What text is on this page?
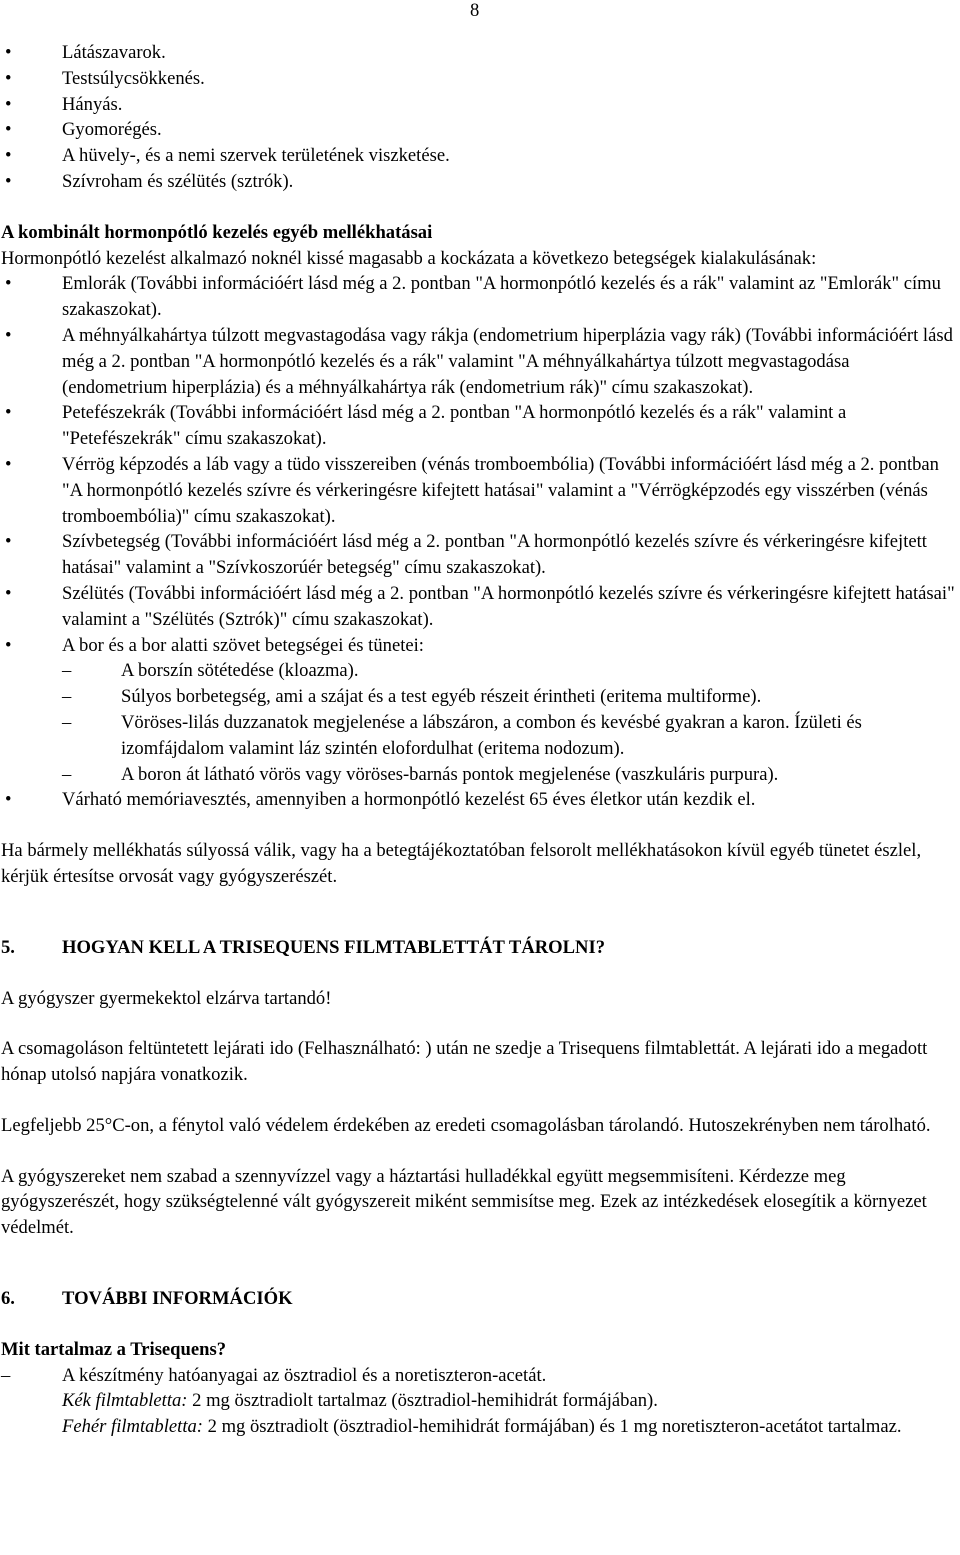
8
• Látászavarok.
• Testsúlycsökkenés.
• Hányás.
• Gyomorégés.
• A hüvely-, és a nemi szervek területének viszketése.
• Szívroham és szélütés (sztrók).

A kombinált hormonpótló kezelés egyéb mellékhatásai

Hormonpótló kezelést alkalmazó noknél kissé magasabb a kockázata a következo betegségek kialakulásának:

• Emlorák (További információért lásd még a 2. pontban "A hormonpótló kezelés és a rák" valamint az "Emlorák" címu szakaszokat).
• A méhnyálkahártya túlzott megvastagodása vagy rákja (endometrium hiperplázia vagy rák) (További információért lásd még a 2. pontban "A hormonpótló kezelés és a rák" valamint "A méhnyálkahártya túlzott megvastagodása (endometrium hiperplázia) és a méhnyálkahártya rák (endometrium rák)" címu szakaszokat).
• Petefészekrák (További információért lásd még a 2. pontban "A hormonpótló kezelés és a rák" valamint a "Petefészekrák" címu szakaszokat).
• Vérrög képzodés a láb vagy a tüdo visszereiben (vénás tromboembólia) (További információért lásd még a 2. pontban "A hormonpótló kezelés szívre és vérkeringésre kifejtett hatásai" valamint a "Vérrögképzodés egy visszérben (vénás tromboembólia)" címu szakaszokat).
• Szívbetegség (További információért lásd még a 2. pontban "A hormonpótló kezelés szívre és vérkeringésre kifejtett hatásai" valamint a "Szívkoszorúér betegség" címu szakaszokat).
• Szélütés (További információért lásd még a 2. pontban "A hormonpótló kezelés szívre és vérkeringésre kifejtett hatásai" valamint a "Szélütés (Sztrók)" címu szakaszokat).
• A bor és a bor alatti szövet betegségei és tünetei:
– A borszín sötétedése (kloazma).
– Súlyos borbetegség, ami a szájat és a test egyéb részeit érintheti (eritema multiforme).
– Vöröses-lilás duzzanatok megjelenése a lábszáron, a combon és kevésbé gyakran a karon. Ízületi és izomfájdalom valamint láz szintén elofordulhat (eritema nodozum).
– A boron át látható vörös vagy vöröses-barnás pontok megjelenése (vaszkuláris purpura).
• Várható memóriavesztés, amennyiben a hormonpótló kezelést 65 éves életkor után kezdik el.

Ha bármely mellékhatás súlyossá válik, vagy ha a betegtájékoztatóban felsorolt mellékhatásokon kívül egyéb tünetet észlel, kérjük értesítse orvosát vagy gyógyszerészét.

5.	HOGYAN KELL A TRISEQUENS FILMTABLETTÁT TÁROLNI?

A gyógyszer gyermekektol elzárva tartandó!

A csomagoláson feltüntetett lejárati ido (Felhasználható: ) után ne szedje a Trisequens filmtablettát. A lejárati ido a megadott hónap utolsó napjára vonatkozik.

Legfeljebb 25°C-on, a fénytol való védelem érdekében az eredeti csomagolásban tárolandó. Hutoszekrényben nem tárolható.

A gyógyszereket nem szabad a szennyvízzel vagy a háztartási hulladékkal együtt megsemmisíteni. Kérdezze meg gyógyszerészét, hogy szükségtelenné vált gyógyszereit miként semmisítse meg. Ezek az intézkedések elosegítik a környezet védelmét.

6.	TOVÁBBI INFORMÁCIÓK

Mit tartalmaz a Trisequens?

– A készítmény hatóanyagai az ösztradiol és a noretiszteron-acetát.
Kék filmtabletta: 2 mg ösztradiolt tartalmaz (ösztradiol-hemihidrát formájában).
Fehér filmtabletta: 2 mg ösztradiolt (ösztradiol-hemihidrát formájában) és 1 mg noretiszteron-acetátot tartalmaz.
